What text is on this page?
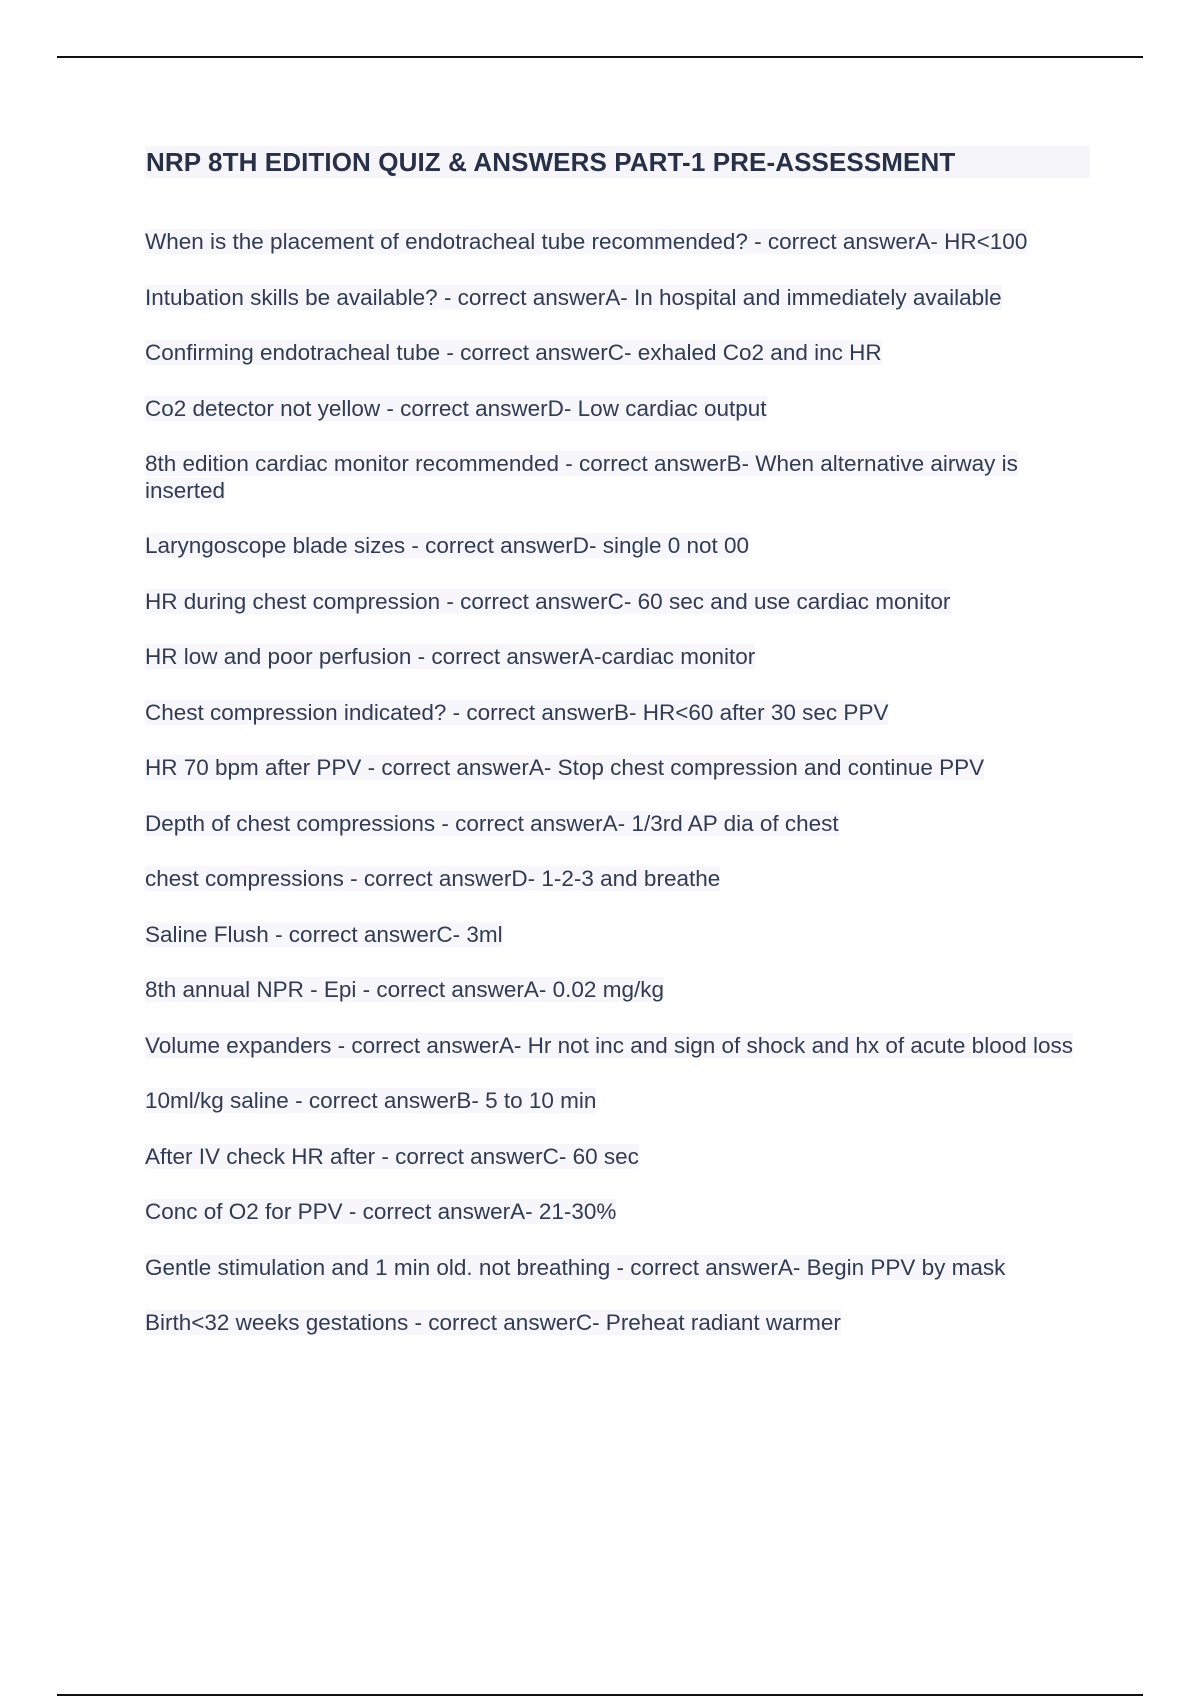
NRP 8TH EDITION QUIZ & ANSWERS PART-1 PRE-ASSESSMENT
When is the placement of endotracheal tube recommended? - correct answerA- HR<100
Intubation skills be available? - correct answerA- In hospital and immediately available
Confirming endotracheal tube - correct answerC- exhaled Co2 and inc HR
Co2 detector not yellow - correct answerD- Low cardiac output
8th edition cardiac monitor recommended - correct answerB- When alternative airway is inserted
Laryngoscope blade sizes - correct answerD- single 0 not 00
HR during chest compression - correct answerC- 60 sec and use cardiac monitor
HR low and poor perfusion - correct answerA-cardiac monitor
Chest compression indicated? - correct answerB- HR<60 after 30 sec PPV
HR 70 bpm after PPV - correct answerA- Stop chest compression and continue PPV
Depth of chest compressions - correct answerA- 1/3rd AP dia of chest
chest compressions - correct answerD- 1-2-3 and breathe
Saline Flush - correct answerC- 3ml
8th annual NPR - Epi - correct answerA- 0.02 mg/kg
Volume expanders - correct answerA- Hr not inc and sign of shock and hx of acute blood loss
10ml/kg saline - correct answerB- 5 to 10 min
After IV check HR after - correct answerC- 60 sec
Conc of O2 for PPV - correct answerA- 21-30%
Gentle stimulation and 1 min old. not breathing - correct answerA- Begin PPV by mask
Birth<32 weeks gestations - correct answerC- Preheat radiant warmer
